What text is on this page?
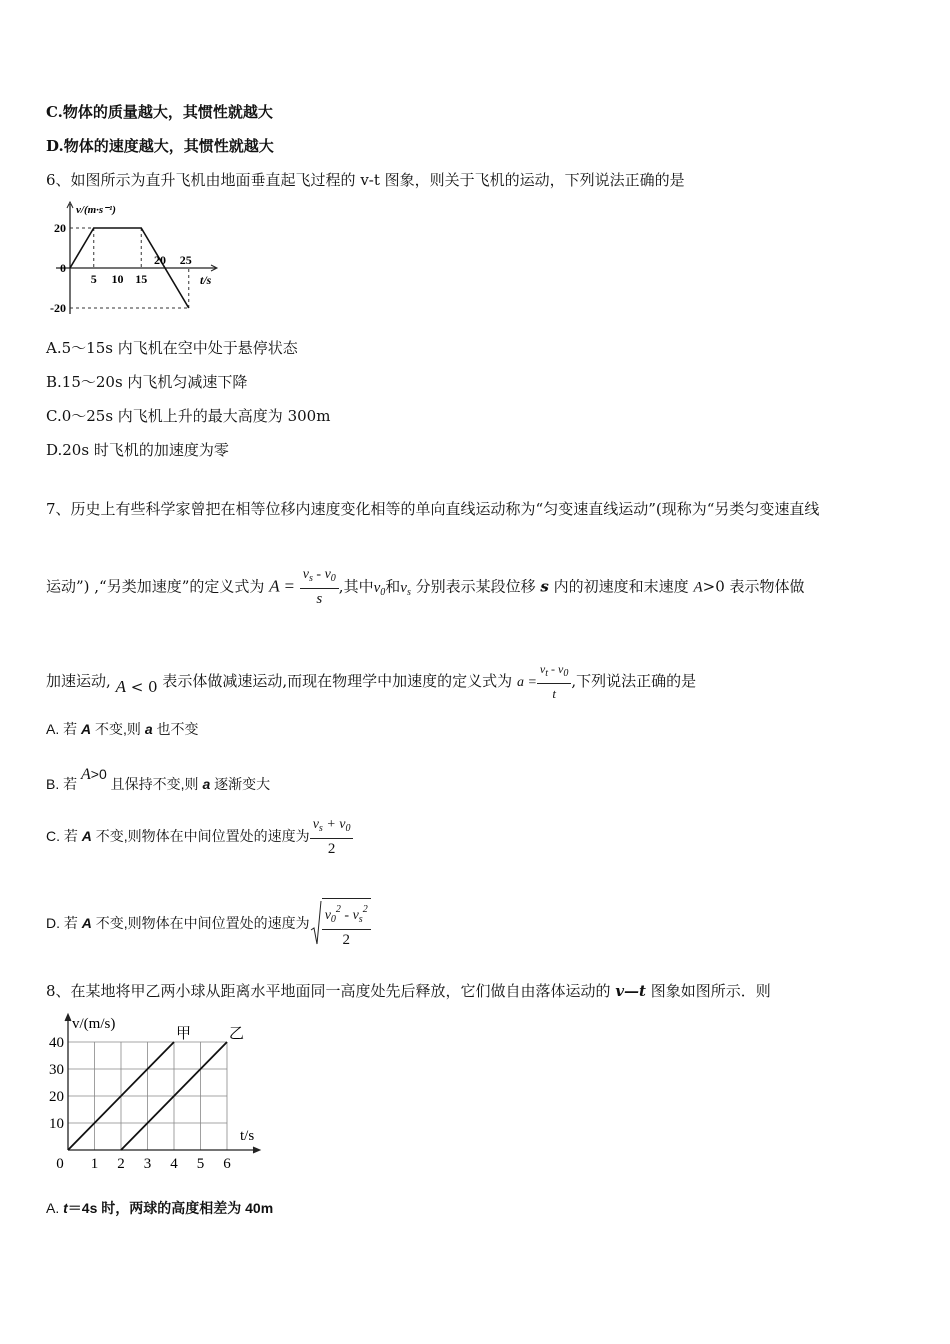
C.物体的质量越大，其惯性就越大
D.物体的速度越大，其惯性就越大
6、如图所示为直升飞机由地面垂直起飞过程的 v-t 图象，则关于飞机的运动，下列说法正确的是
v/(m·s⁻¹)
t/s
5 10 15
20 25
20
0
-20
A.5～15s 内飞机在空中处于悬停状态
B.15～20s 内飞机匀减速下降
C.0～25s 内飞机上升的最大高度为 300m
D.20s 时飞机的加速度为零
7、历史上有些科学家曾把在相等位移内速度变化相等的单向直线运动称为“匀变速直线运动”(现称为“另类匀变速直线
运动”) ,“另类加速度”的定义式为 $A = \frac{v_s - v_0}{s}$ ,其中$v_0$和$v_s$ 分别表示某段位移 s 内的初速度和末速度 A>0 表示物体做
加速运动, A < 0 表示体做减速运动,而现在物理学中加速度的定义式为 $a = \frac{v_t - v_0}{t}$ ,下列说法正确的是
A. 若 A 不变,则 a 也不变
B. 若 A>0 且保持不变,则 a 逐渐变大
C. 若 A 不变,则物体在中间位置处的速度为 $\frac{v_s + v_0}{2}$
D. 若 A 不变,则物体在中间位置处的速度为 $\frac{v_0^2 - v_s^2}{2}$
8、在某地将甲乙两小球从距离水平地面同一高度处先后释放，它们做自由落体运动的 v—t 图象如图所示．则
甲	乙
v/(m/s)
t/s
0 1 2 3 4 5 6
10
20
30
40
A. t＝4s 时，两球的高度相差为 40m
